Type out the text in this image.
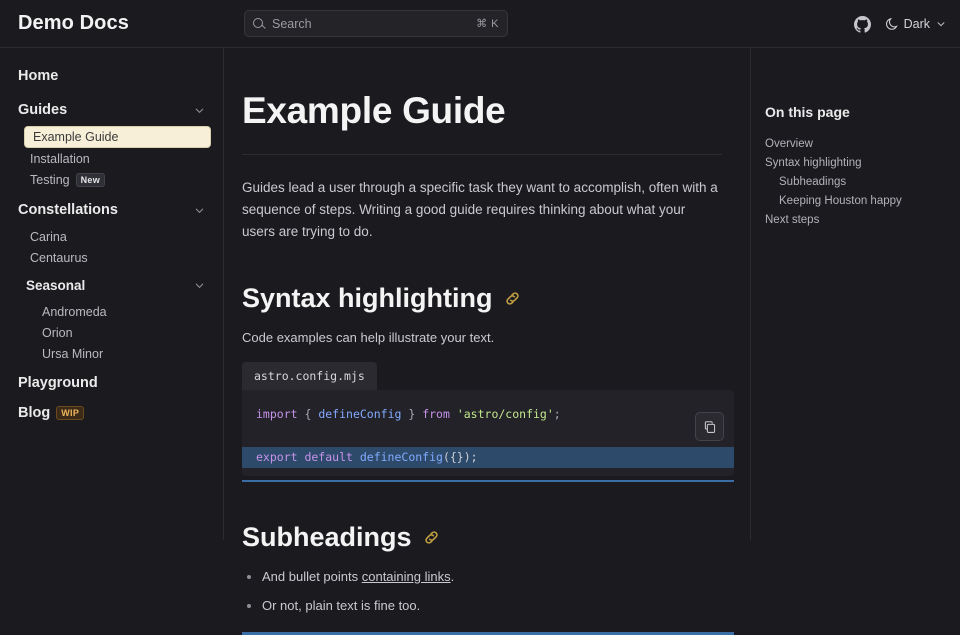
Demo Docs	Search	⌘ K	Dark
Home
Guides
Example Guide
Installation
Testing New
Constellations
Carina
Centaurus
Seasonal
Andromeda
Orion
Ursa Minor
Playground
Blog WIP
Example Guide

Guides lead a user through a specific task they want to accomplish, often with a sequence of steps. Writing a good guide requires thinking about what your users are trying to do.

Syntax highlighting

Code examples can help illustrate your text.

astro.config.mjs
import { defineConfig } from 'astro/config';

export default defineConfig({});
Subheadings
• And bullet points containing links.
• Or not, plain text is fine too.
On this page
Overview
Syntax highlighting
Subheadings
Keeping Houston happy
Next steps
